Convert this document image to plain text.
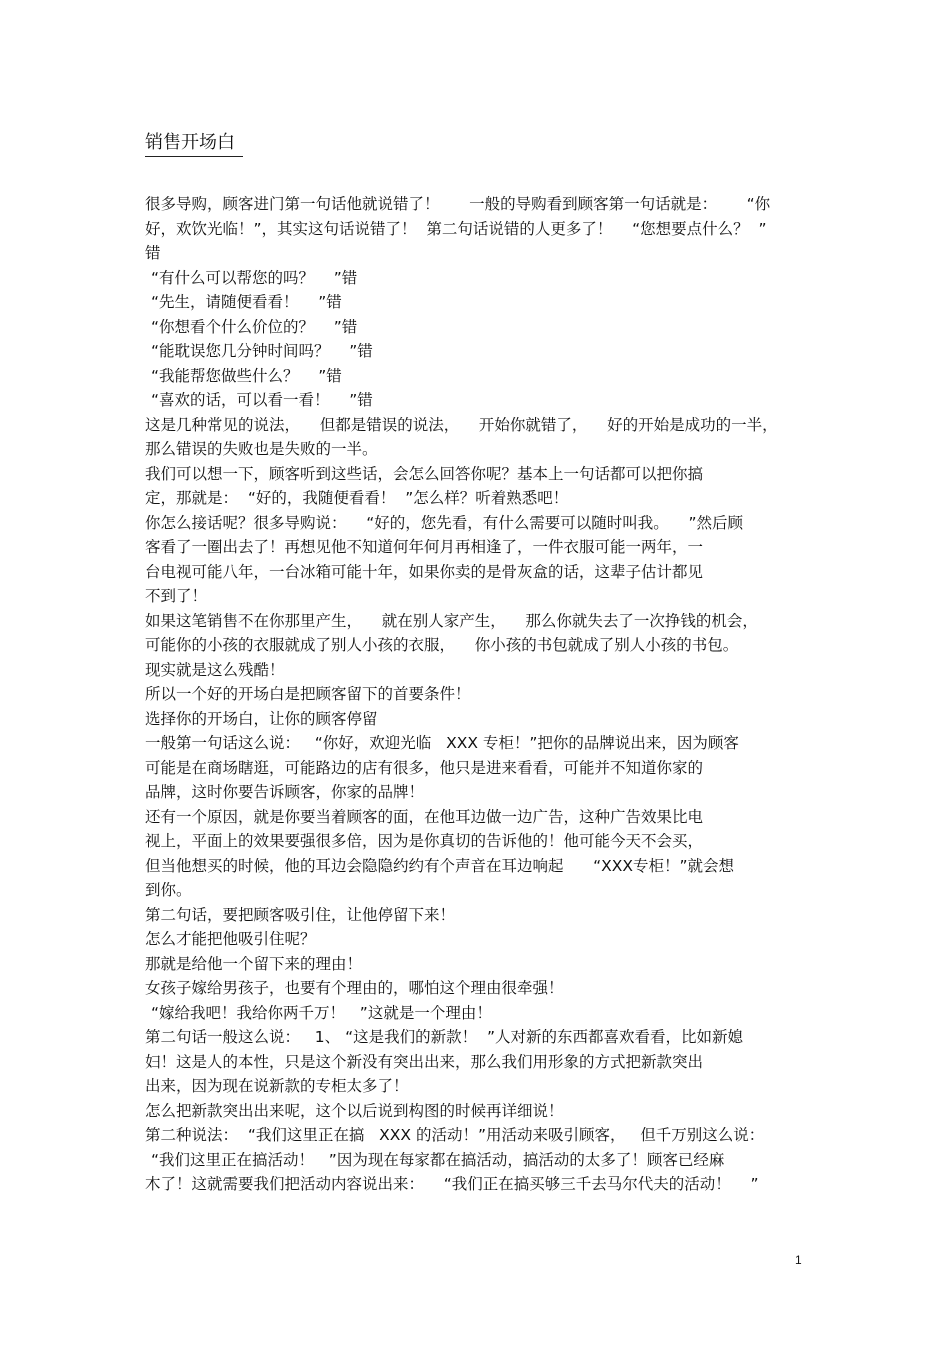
销售开场白
很多导购，顾客进门第一句话他就说错了！      一般的导购看到顾客第一句话就是：      “你
好，欢饮光临！”，其实这句话说错了！  第二句话说错的人更多了！    “您想要点什么？  ”
错
“有什么可以帮您的吗？    ”错
“先生，请随便看看！    ”错
“你想看个什么价位的？    ”错
“能耽误您几分钟时间吗？    ”错
“我能帮您做些什么？    ”错
“喜欢的话，可以看一看！    ”错
这是几种常见的说法，    但都是错误的说法，    开始你就错了，    好的开始是成功的一半，
那么错误的失败也是失败的一半。
我们可以想一下，顾客听到这些话，会怎么回答你呢？基本上一句话都可以把你搞
定，那就是：  “好的，我随便看看！  ”怎么样？听着熟悉吧！
你怎么接话呢？很多导购说：    “好的，您先看，有什么需要可以随时叫我。    ”然后顾
客看了一圈出去了！再想见他不知道何年何月再相逢了，一件衣服可能一两年，一
台电视可能八年，一台冰箱可能十年，如果你卖的是骨灰盒的话，这辈子估计都见
不到了！
如果这笔销售不在你那里产生，    就在别人家产生，    那么你就失去了一次挣钱的机会，
可能你的小孩的衣服就成了别人小孩的衣服，    你小孩的书包就成了别人小孩的书包。
现实就是这么残酷！
所以一个好的开场白是把顾客留下的首要条件！
选择你的开场白，让你的顾客停留
一般第一句话这么说：   “你好，欢迎光临   XXX 专柜！”把你的品牌说出来，因为顾客
可能是在商场瞎逛，可能路边的店有很多，他只是进来看看，可能并不知道你家的
品牌，这时你要告诉顾客，你家的品牌！
还有一个原因，就是你要当着顾客的面，在他耳边做一边广告，这种广告效果比电
视上，平面上的效果要强很多倍，因为是你真切的告诉他的！他可能今天不会买，
但当他想买的时候，他的耳边会隐隐约约有个声音在耳边响起      “XXX专柜！”就会想
到你。
第二句话，要把顾客吸引住，让他停留下来！
怎么才能把他吸引住呢？
那就是给他一个留下来的理由！
女孩子嫁给男孩子，也要有个理由的，哪怕这个理由很牵强！
“嫁给我吧！我给你两千万！   ”这就是一个理由！
第二句话一般这么说：   1、 “这是我们的新款！  ”人对新的东西都喜欢看看，比如新媳
妇！这是人的本性，只是这个新没有突出出来，那么我们用形象的方式把新款突出
出来，因为现在说新款的专柜太多了！
怎么把新款突出出来呢，这个以后说到构图的时候再详细说！
第二种说法：  “我们这里正在搞   XXX 的活动！”用活动来吸引顾客，   但千万别这么说：
“我们这里正在搞活动！   ”因为现在每家都在搞活动，搞活动的太多了！顾客已经麻
木了！这就需要我们把活动内容说出来：    “我们正在搞买够三千去马尔代夫的活动！    ”
1
